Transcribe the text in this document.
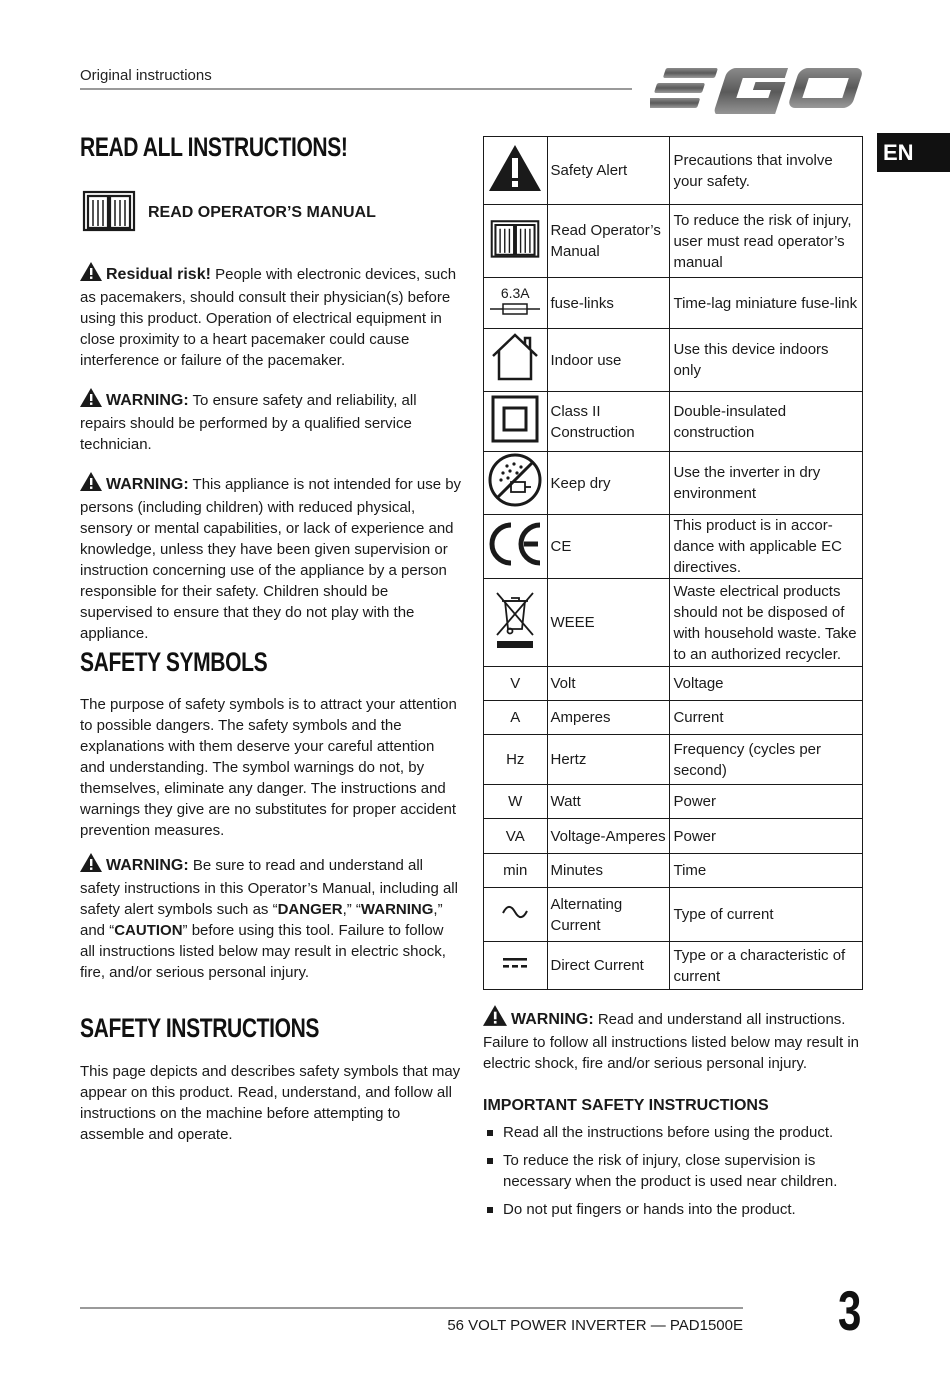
Original instructions
EN
READ ALL INSTRUCTIONS!
READ OPERATOR’S MANUAL

Residual risk! People with electronic devices, such as pacemakers, should consult their physician(s) before using this product. Operation of electrical equipment in close proximity to a heart pacemaker could cause interference or failure of the pacemaker.

WARNING: To ensure safety and reliability, all repairs should be performed by a qualified service technician.

WARNING: This appliance is not intended for use by persons (including children) with reduced physical, sensory or mental capabilities, or lack of experience and knowledge, unless they have been given supervision or instruction concerning use of the appliance by a person responsible for their safety. Children should be supervised to ensure that they do not play with the appliance.

SAFETY SYMBOLS

The purpose of safety symbols is to attract your attention to possible dangers. The safety symbols and the explanations with them deserve your careful attention and understanding. The symbol warnings do not, by themselves, eliminate any danger. The instructions and warnings they give are no substitutes for proper accident prevention measures.

WARNING: Be sure to read and understand all safety instructions in this Operator’s Manual, including all safety alert symbols such as “DANGER,” “WARNING,” and “CAUTION” before using this tool. Failure to follow all instructions listed below may result in electric shock, fire, and/or serious personal injury.

SAFETY INSTRUCTIONS

This page depicts and describes safety symbols that may appear on this product. Read, understand, and follow all instructions on the machine before attempting to assemble and operate.

	Safety Alert	Precautions that involve your safety.
	Read Operator’s Manual	To reduce the risk of injury, user must read operator’s manual

6.3A	fuse-links	Time-lag miniature fuse-link
	Indoor use	Use this device indoors only
	Class II Construction	Double-insulated construction
	Keep dry	Use the inverter in dry environment
	CE	This product is in accor-dance with applicable EC directives.
	WEEE	Waste electrical products should not be disposed of with household waste. Take to an authorized recycler.
V	Volt	Voltage
A	Amperes	Current
Hz	Hertz	Frequency (cycles per second)
W	Watt	Power
VA	Voltage-Amperes	Power
min	Minutes	Time
	Alternating Current	Type of current
	Direct Current	Type or a characteristic of current

WARNING: Read and understand all instructions. Failure to follow all instructions listed below may result in electric shock, fire and/or serious personal injury.

IMPORTANT SAFETY INSTRUCTIONS

Read all the instructions before using the product.
To reduce the risk of injury, close supervision is necessary when the product is used near children.
Do not put fingers or hands into the product.
56 VOLT POWER INVERTER — PAD1500E 3
